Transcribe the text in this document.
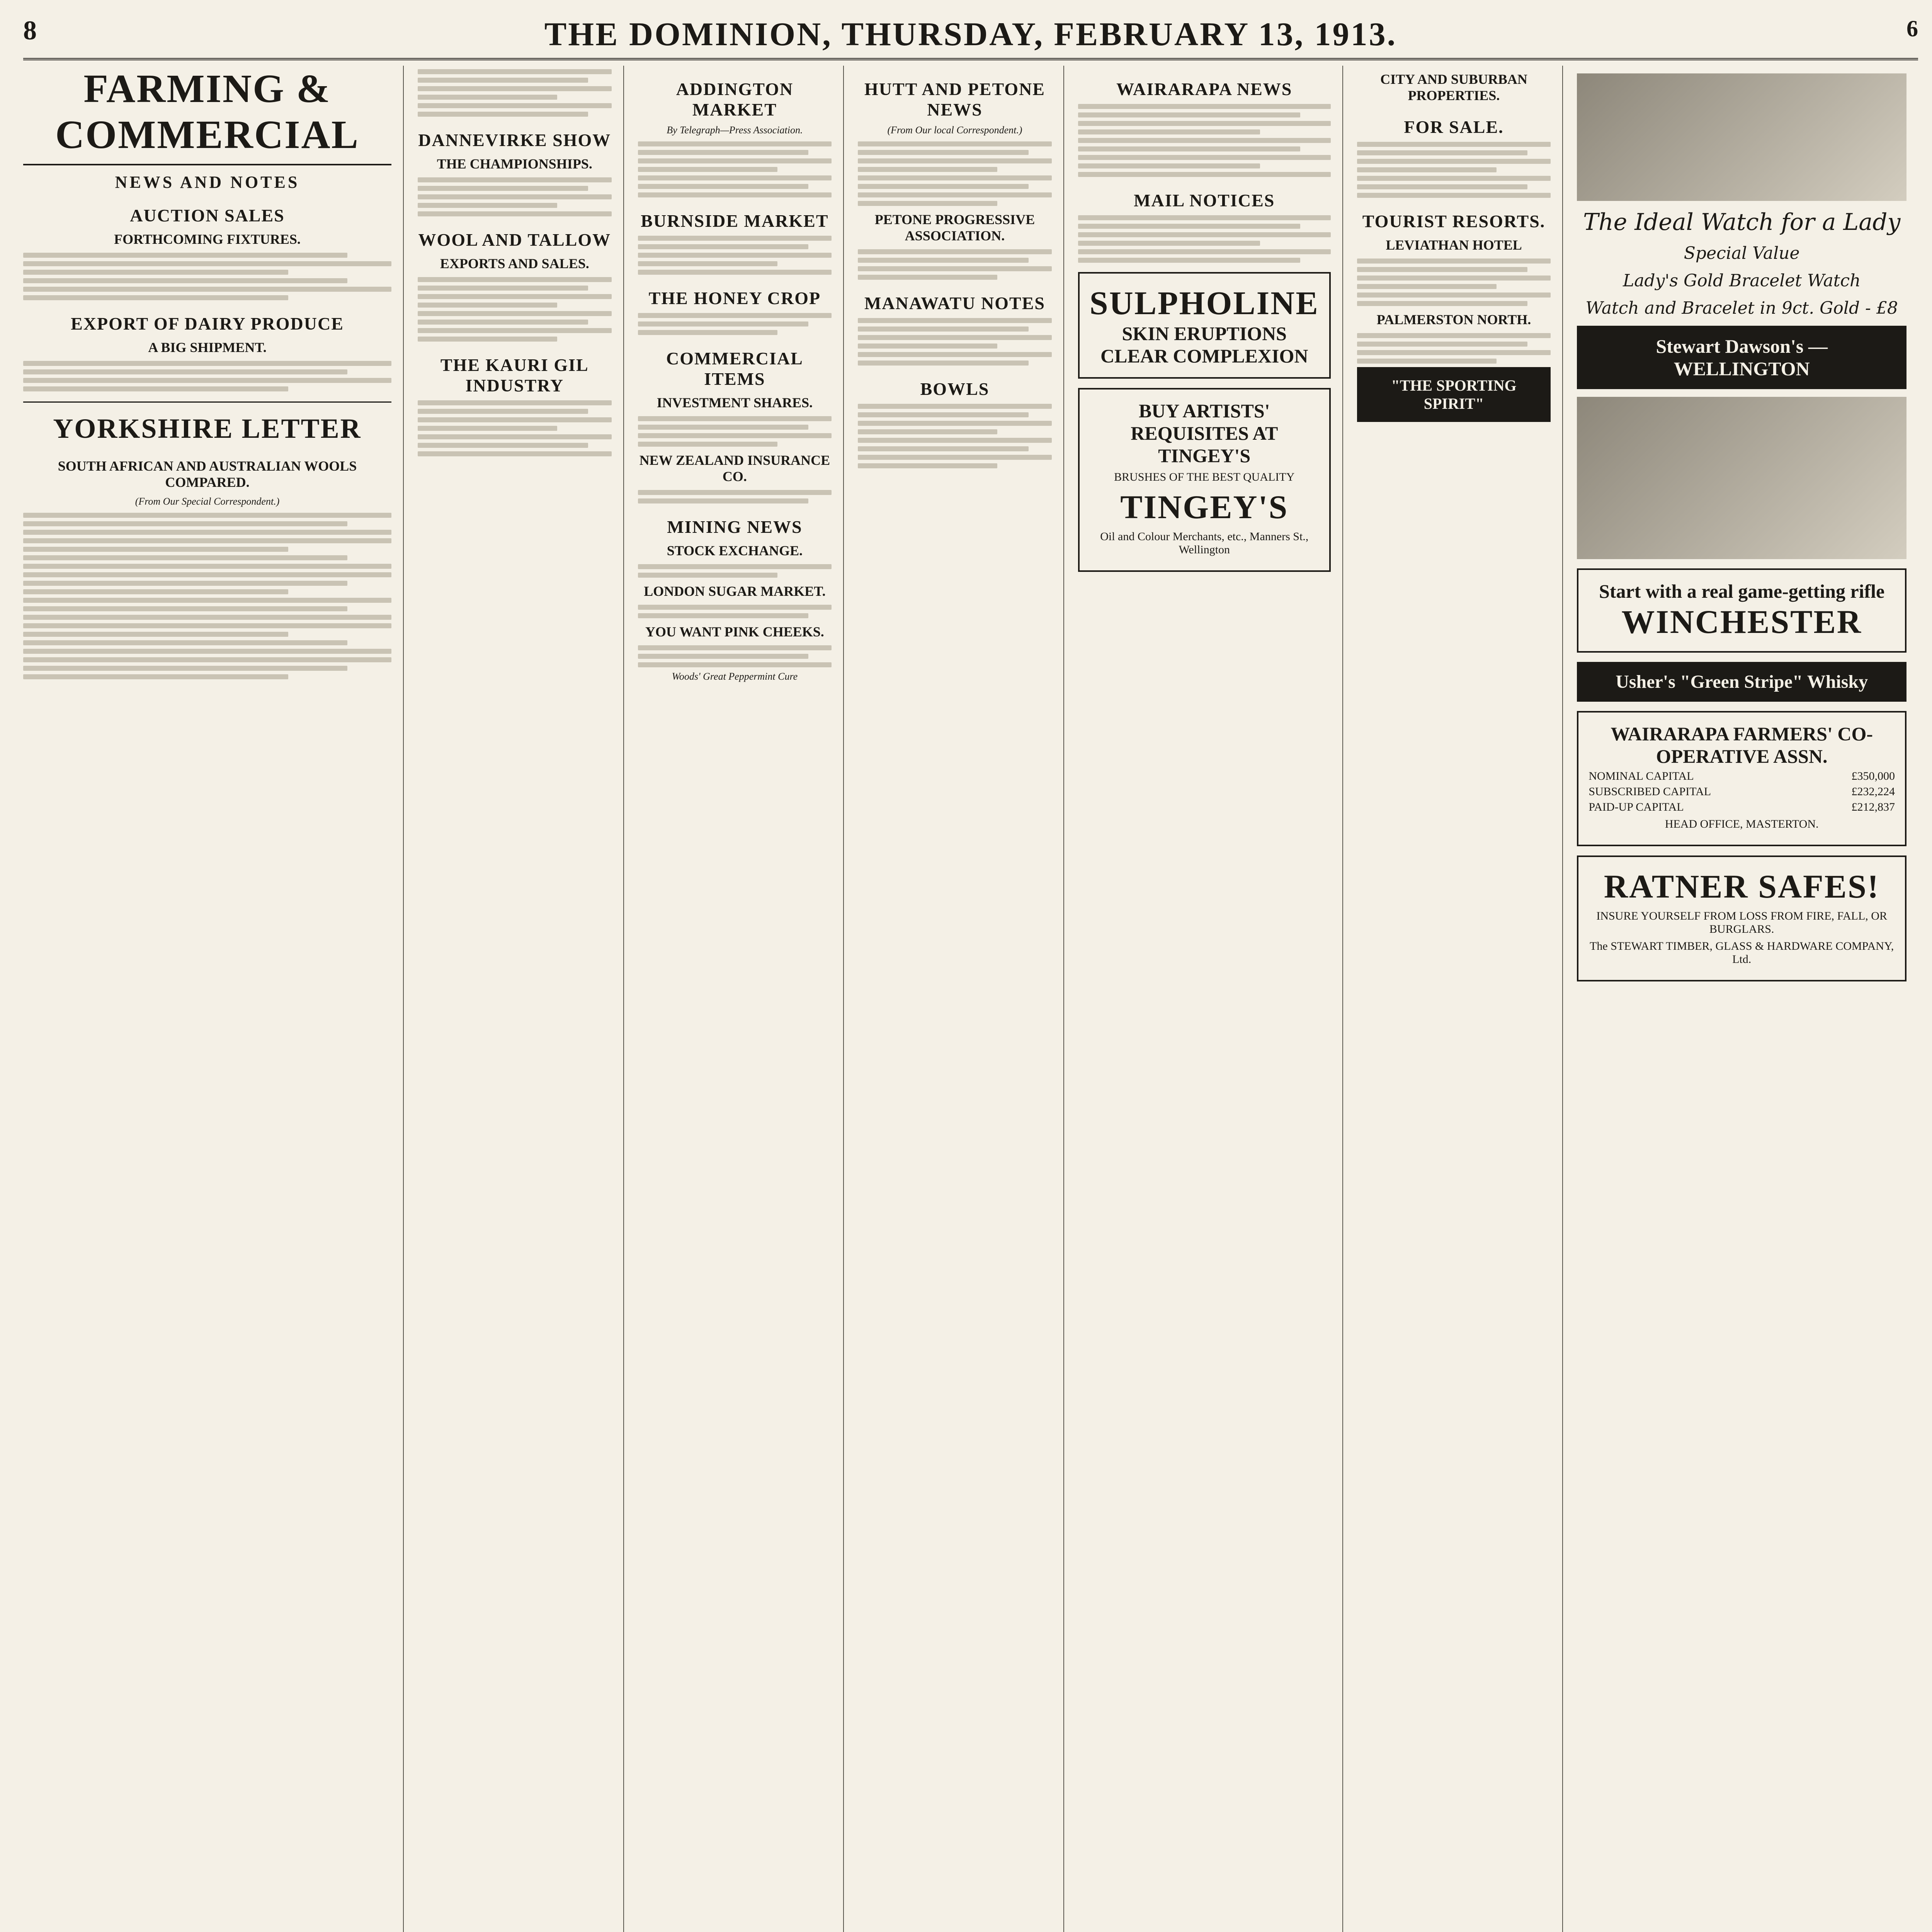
8	THE DOMINION, THURSDAY, FEBRUARY 13, 1913.	6
FARMING & COMMERCIAL
NEWS AND NOTES
AUCTION SALES
FORTHCOMING FIXTURES.
EXPORT OF DAIRY PRODUCE
A BIG SHIPMENT.
YORKSHIRE LETTER
SOUTH AFRICAN AND AUSTRALIAN WOOLS COMPARED.
(From Our Special Correspondent.)
DANNEVIRKE SHOW
THE CHAMPIONSHIPS.
WOOL AND TALLOW
EXPORTS AND SALES.
THE KAURI GIL INDUSTRY
ADDINGTON MARKET
By Telegraph—Press Association.
BURNSIDE MARKET
THE HONEY CROP
COMMERCIAL ITEMS
INVESTMENT SHARES.
NEW ZEALAND INSURANCE CO.
MINING NEWS
STOCK EXCHANGE.
LONDON SUGAR MARKET.
YOU WANT PINK CHEEKS.
Woods' Great Peppermint Cure
HUTT AND PETONE NEWS
(From Our local Correspondent.)
PETONE PROGRESSIVE ASSOCIATION.
MANAWATU NOTES
BOWLS
WAIRARAPA NEWS
MAIL NOTICES
SULPHOLINE
SKIN ERUPTIONS CLEAR COMPLEXION
BUY ARTISTS' REQUISITES AT TINGEY'S
BRUSHES OF THE BEST QUALITY
TINGEY'S
Oil and Colour Merchants, etc., Manners St., Wellington
CITY AND SUBURBAN PROPERTIES.
FOR SALE.
TOURIST RESORTS.
LEVIATHAN HOTEL
PALMERSTON NORTH.
"THE SPORTING SPIRIT"
The Ideal Watch for a Lady
Special Value
Lady's Gold Bracelet Watch
Watch and Bracelet in 9ct. Gold - £8
Stewart Dawson's — WELLINGTON
Start with a real game-getting rifle
WINCHESTER
Usher's "Green Stripe" Whisky
WAIRARAPA FARMERS' CO-OPERATIVE ASSN.
NOMINAL CAPITAL	£350,000
SUBSCRIBED CAPITAL	£232,224
PAID-UP CAPITAL	£212,837
HEAD OFFICE, MASTERTON.
RATNER SAFES!
INSURE YOURSELF FROM LOSS FROM FIRE, FALL, OR BURGLARS.
The STEWART TIMBER, GLASS & HARDWARE COMPANY, Ltd.
